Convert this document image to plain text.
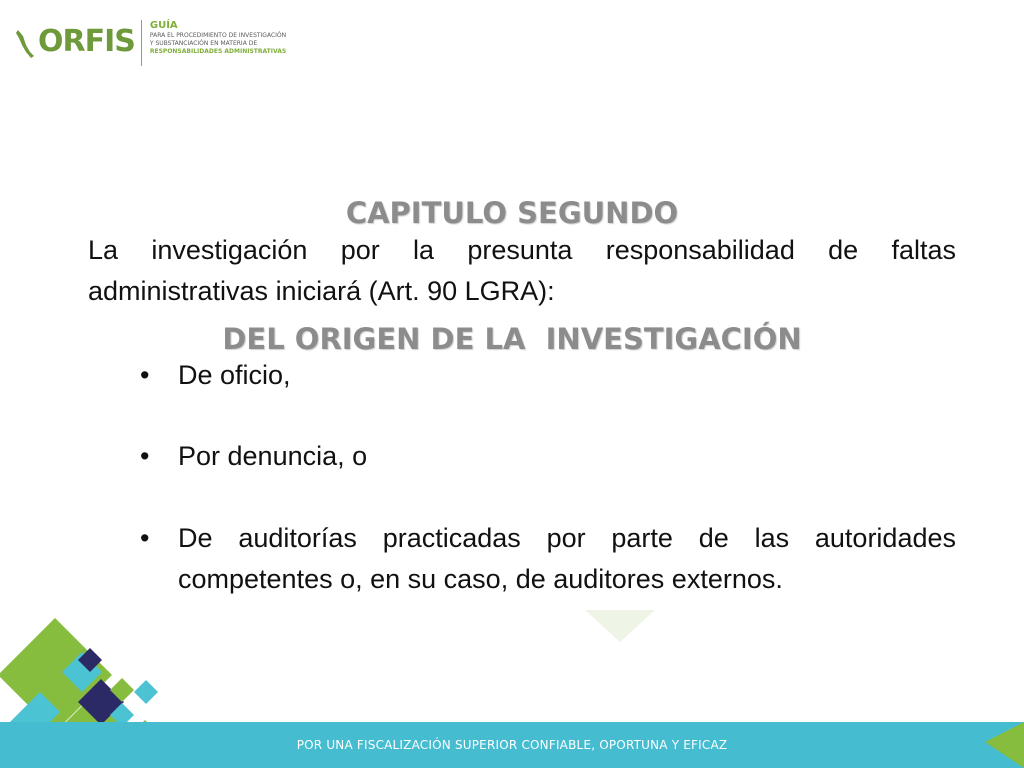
ORFIS GUÍA
PARA EL PROCEDIMIENTO DE INVESTIGACIÓN
Y SUBSTANCIACIÓN EN MATERIA DE
RESPONSABILIDADES ADMINISTRATIVAS

CAPITULO SEGUNDO

DEL ORIGEN DE LA  INVESTIGACIÓN

La investigación por la presunta responsabilidad de faltas administrativas iniciará (Art. 90 LGRA):
•	De oficio,
•	Por denuncia, o
•	De auditorías practicadas por parte de las autoridades competentes o, en su caso, de auditores externos.
POR UNA FISCALIZACIÓN SUPERIOR CONFIABLE, OPORTUNA Y EFICAZ
